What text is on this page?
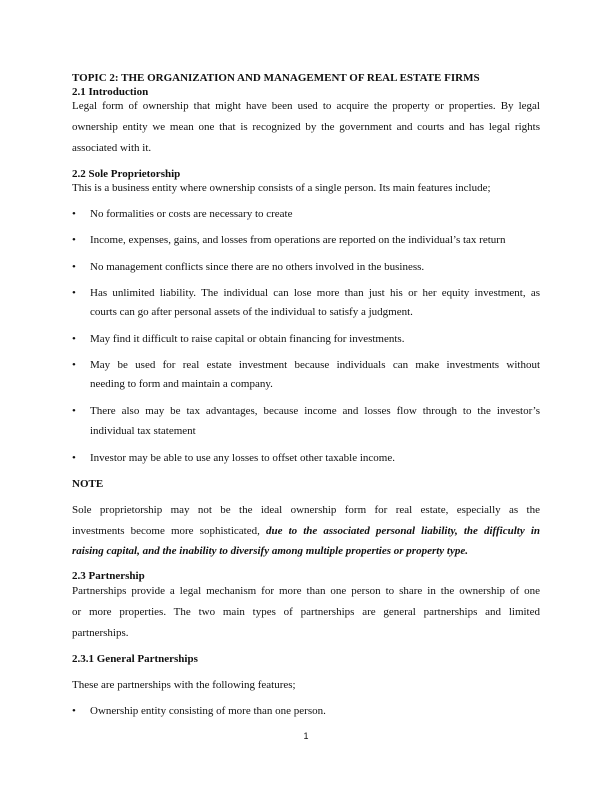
TOPIC 2: THE ORGANIZATION AND MANAGEMENT OF REAL ESTATE FIRMS
2.1 Introduction
Legal form of ownership that might have been used to acquire the property or properties. By legal
ownership entity we mean one that is recognized by the government and courts and has legal rights
associated with it.
2.2 Sole Proprietorship
This is a business entity where ownership consists of a single person. Its main features include;
• No formalities or costs are necessary to create
• Income, expenses, gains, and losses from operations are reported on the individual’s tax return
• No management conflicts since there are no others involved in the business.
• Has unlimited liability. The individual can lose more than just his or her equity investment, as
courts can go after personal assets of the individual to satisfy a judgment.
• May find it difficult to raise capital or obtain financing for investments.
• May be used for real estate investment because individuals can make investments without
needing to form and maintain a company.
• There also may be tax advantages, because income and losses flow through to the investor’s
individual tax statement
• Investor may be able to use any losses to offset other taxable income.
NOTE
Sole proprietorship may not be the ideal ownership form for real estate, especially as the
investments become more sophisticated, due to the associated personal liability, the difficulty in
raising capital, and the inability to diversify among multiple properties or property type.
2.3 Partnership
Partnerships provide a legal mechanism for more than one person to share in the ownership of one
or more properties. The two main types of partnerships are general partnerships and limited
partnerships.
2.3.1 General Partnerships
These are partnerships with the following features;
• Ownership entity consisting of more than one person.
1
